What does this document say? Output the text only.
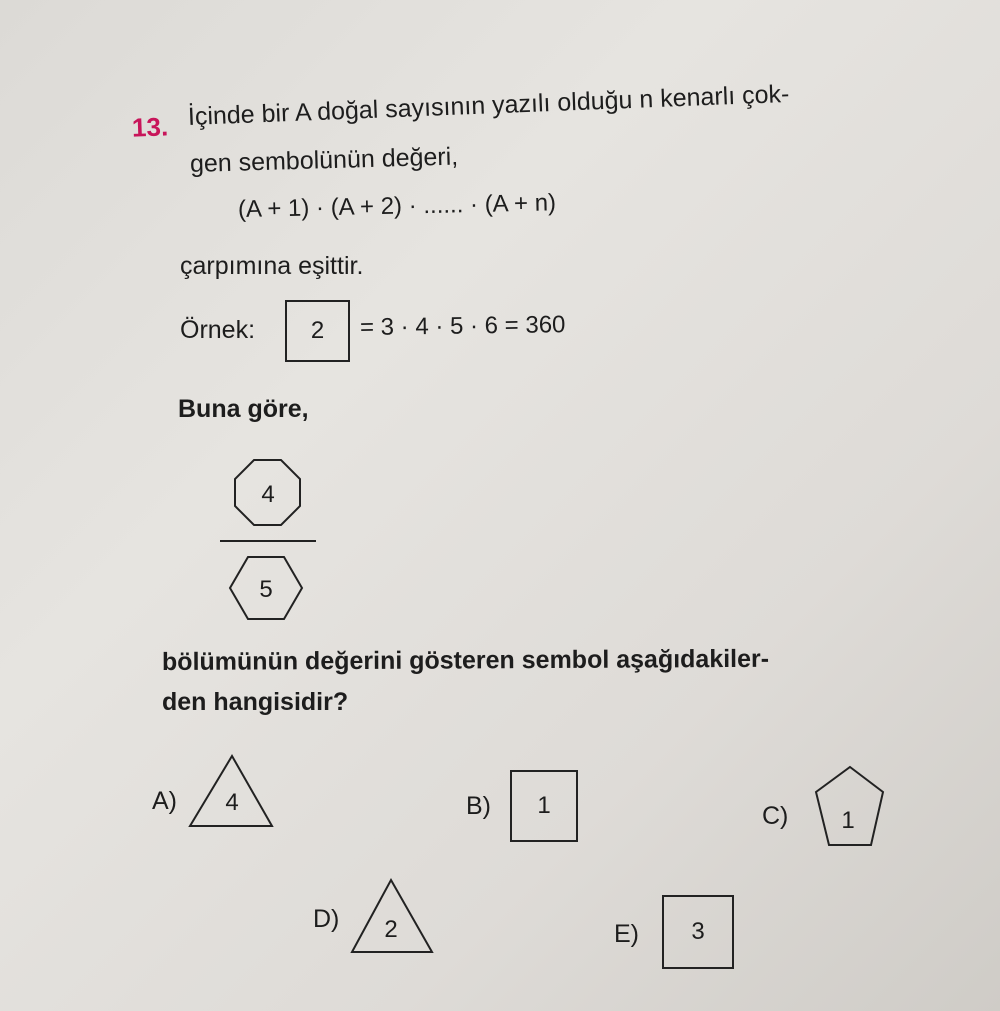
13. İçinde bir A doğal sayısının yazılı olduğu n kenarlı çok-
gen sembolünün değeri,
(A + 1) · (A + 2) · ...... · (A + n)
çarpımına eşittir.
Örnek: 2 = 3 · 4 · 5 · 6 = 360
Buna göre,
4
5
bölümünün değerini gösteren sembol aşağıdakiler-
den hangisidir?
A) 4	B) 1	C) 1
D) 2	E) 3
